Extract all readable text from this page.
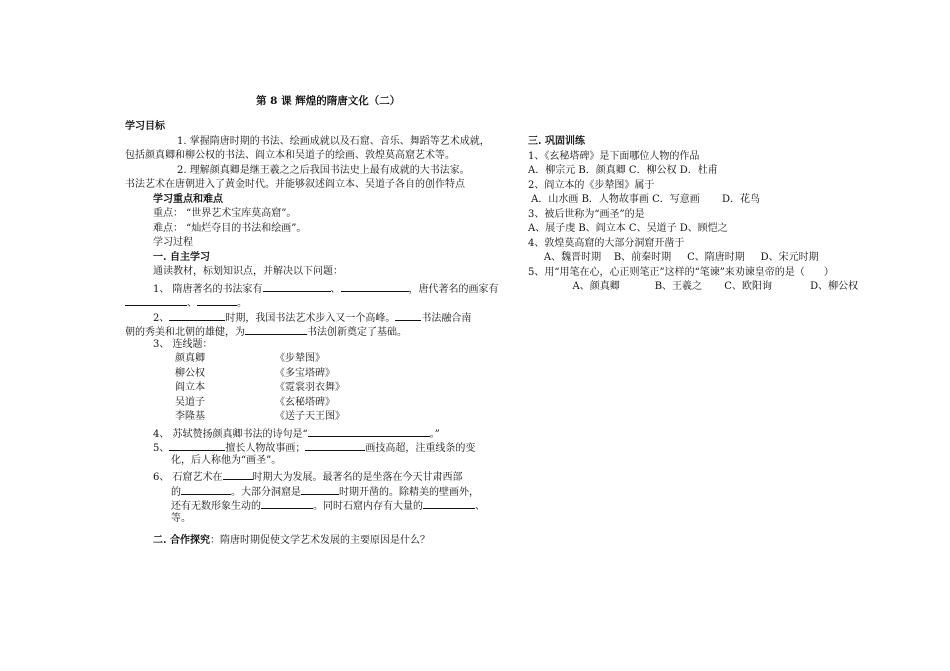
第 8 课 辉煌的隋唐文化（二）
学习目标
1. 掌握隋唐时期的书法、绘画成就以及石窟、音乐、舞蹈等艺术成就，
包括颜真卿和柳公权的书法、阎立本和吴道子的绘画、敦煌莫高窟艺术等。
2. 理解颜真卿是继王羲之之后我国书法史上最有成就的大书法家。
书法艺术在唐朝进入了黄金时代。并能够叙述阎立本、吴道子各自的创作特点
学习重点和难点
重点： “世界艺术宝库莫高窟”。
难点： “灿烂夺目的书法和绘画”。
学习过程
一. 自主学习
通读教材，标划知识点，并解决以下问题：
1、 隋唐著名的书法家有	、	，唐代著名的画家有
、	。
2、	时期，我国书法艺术步入又一个高峰。	书法融合南
朝的秀美和北朝的雄健，为	书法创新奠定了基础。
3、 连线题：
颜真卿	《步辇图》
柳公权	《多宝塔碑》
阎立本	《霓裳羽衣舞》
吴道子	《玄秘塔碑》
李隆基	《送子天王图》
4、 苏轼赞扬颜真卿书法的诗句是“	。”
5、	擅长人物故事画；	画技高超，注重线条的变
化，后人称他为“画圣”。
6、 石窟艺术在	时期大为发展。最著名的是坐落在今天甘肃西部
的	。大部分洞窟是	时期开凿的。除精美的壁画外，
还有无数形象生动的	。同时石窟内存有大量的	、
等。
二. 合作探究：隋唐时期促使文学艺术发展的主要原因是什么？
三. 巩固训练
1、《玄秘塔碑》是下面哪位人物的作品
A．柳宗元 B．颜真卿 C．柳公权 D．杜甫
2、阎立本的《步辇图》属于
A．山水画 B．人物故事画 C．写意画       D．花鸟
3、被后世称为“画圣”的是
A、展子虔 B、阎立本 C、吴道子 D、顾恺之
4、敦煌莫高窟的大部分洞窟开凿于
A、魏晋时期    B、前秦时期     C、隋唐时期     D、宋元时期
5、用“用笔在心，心正则笔正”这样的“笔谏”来劝谏皇帝的是（      ）
A、颜真卿           B、王羲之       C、欧阳询            D、柳公权
